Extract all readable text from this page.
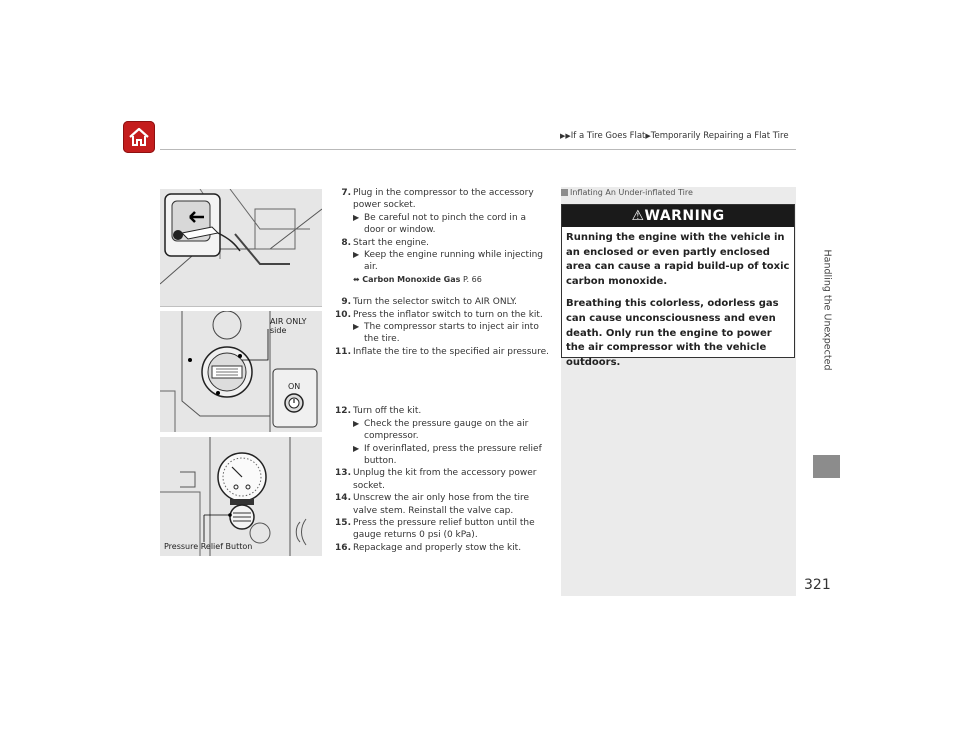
▶▶If a Tire Goes Flat▶Temporarily Repairing a Flat Tire
Handling the Unexpected
321
AIR ONLY
side
ON
Pressure Relief Button
7. Plug in the compressor to the accessory
power socket.
▶ Be careful not to pinch the cord in a
door or window.
8. Start the engine.
▶ Keep the engine running while injecting
air.
⬌ Carbon Monoxide Gas P. 66
9. Turn the selector switch to AIR ONLY.
10. Press the inflator switch to turn on the kit.
▶ The compressor starts to inject air into
the tire.
11. Inflate the tire to the specified air pressure.
12. Turn off the kit.
▶ Check the pressure gauge on the air
compressor.
▶ If overinflated, press the pressure relief
button.
13. Unplug the kit from the accessory power
socket.
14. Unscrew the air only hose from the tire
valve stem. Reinstall the valve cap.
15. Press the pressure relief button until the
gauge returns 0 psi (0 kPa).
16. Repackage and properly stow the kit.
Inflating An Under-inflated Tire
⚠WARNING

Running the engine with the vehicle in an enclosed or even partly enclosed area can cause a rapid build-up of toxic carbon monoxide.

Breathing this colorless, odorless gas can cause unconsciousness and even death. Only run the engine to power the air compressor with the vehicle outdoors.
